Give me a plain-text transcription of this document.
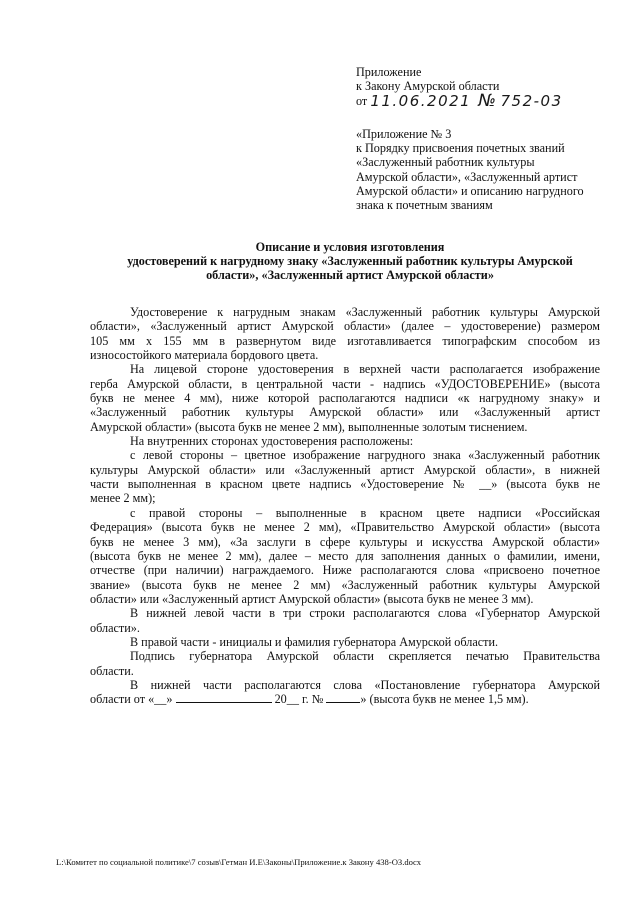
Приложение
к Закону Амурской области
от 11.06.2021 № 752-03
«Приложение № 3
к Порядку присвоения почетных званий
«Заслуженный работник культуры
Амурской области», «Заслуженный артист
Амурской области» и описанию нагрудного
знака к почетным званиям
Описание и условия изготовления
удостоверений к нагрудному знаку «Заслуженный работник культуры Амурской
области», «Заслуженный артист Амурской области»
Удостоверение к нагрудным знакам «Заслуженный работник культуры Амурской
области», «Заслуженный артист Амурской области» (далее – удостоверение) размером
105 мм х 155 мм в развернутом виде изготавливается типографским способом из
износостойкого материала бордового цвета.
На лицевой стороне удостоверения в верхней части располагается изображение
герба Амурской области, в центральной части - надпись «УДОСТОВЕРЕНИЕ» (высота
букв не менее 4 мм), ниже которой располагаются надписи «к нагрудному знаку» и
«Заслуженный работник культуры Амурской области» или «Заслуженный артист
Амурской области» (высота букв не менее 2 мм), выполненные золотым тиснением.
На внутренних сторонах удостоверения расположены:
с левой стороны – цветное изображение нагрудного знака «Заслуженный работник
культуры Амурской области» или «Заслуженный артист Амурской области», в нижней
части выполненная в красном цвете надпись «Удостоверение № __» (высота букв не
менее 2 мм);
с правой стороны – выполненные в красном цвете надписи «Российская
Федерация» (высота букв не менее 2 мм), «Правительство Амурской области» (высота
букв не менее 3 мм), «За заслуги в сфере культуры и искусства Амурской области»
(высота букв не менее 2 мм), далее – место для заполнения данных о фамилии, имени,
отчестве (при наличии) награждаемого. Ниже располагаются слова «присвоено почетное
звание» (высота букв не менее 2 мм) «Заслуженный работник культуры Амурской
области» или «Заслуженный артист Амурской области» (высота букв не менее 3 мм).
В нижней левой части в три строки располагаются слова «Губернатор Амурской
области».
В правой части - инициалы и фамилия губернатора Амурской области.
Подпись губернатора Амурской области скрепляется печатью Правительства
области.
В нижней части располагаются слова «Постановление губернатора Амурской
области от «__»	20__ г. №	» (высота букв не менее 1,5 мм).
L:\Комитет по социальной политике\7 созыв\Гетман И.Е\Законы\Приложение.к Закону 438-ОЗ.docx
